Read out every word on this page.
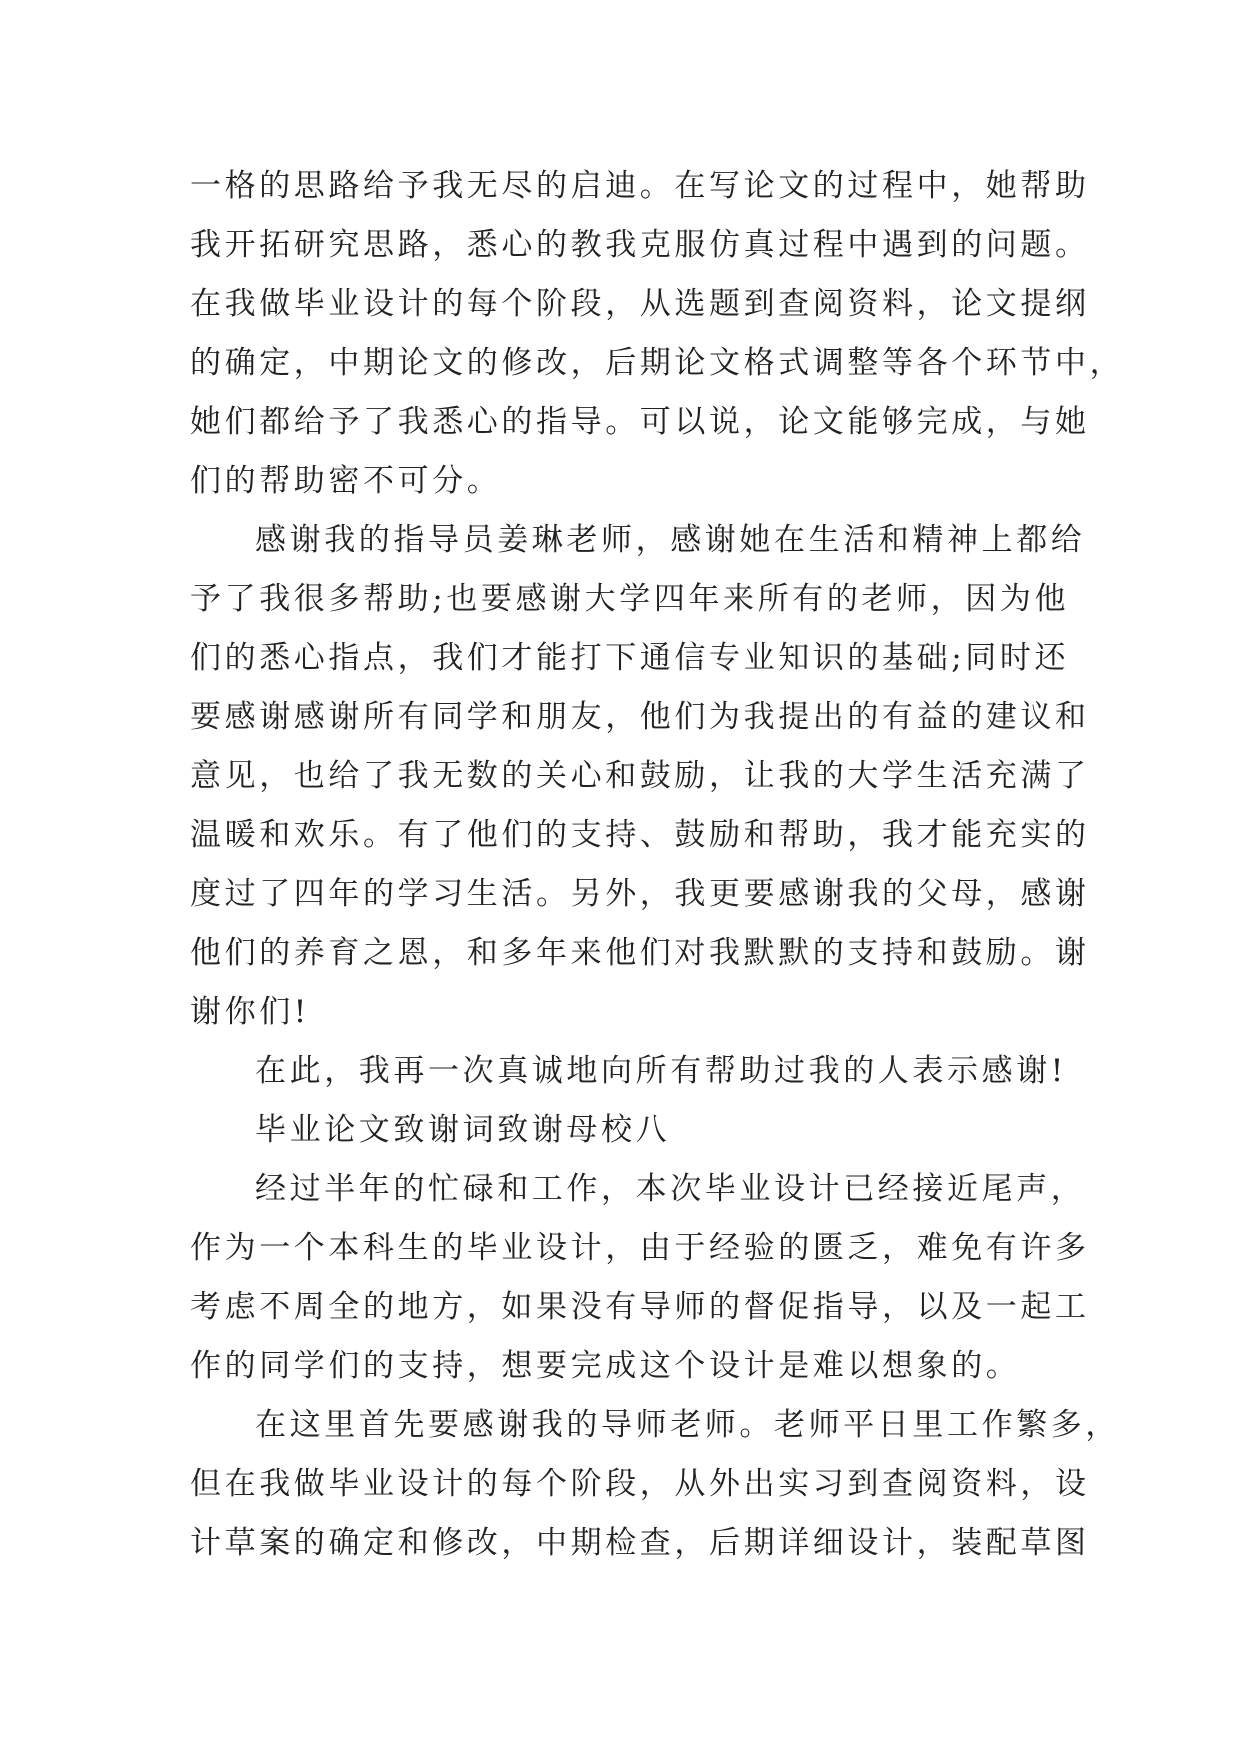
一格的思路给予我无尽的启迪。在写论文的过程中，她帮助
我开拓研究思路，悉心的教我克服仿真过程中遇到的问题。
在我做毕业设计的每个阶段，从选题到查阅资料，论文提纲
的确定，中期论文的修改，后期论文格式调整等各个环节中，
她们都给予了我悉心的指导。可以说，论文能够完成，与她
们的帮助密不可分。
感谢我的指导员姜琳老师，感谢她在生活和精神上都给
予了我很多帮助;也要感谢大学四年来所有的老师，因为他
们的悉心指点，我们才能打下通信专业知识的基础;同时还
要感谢感谢所有同学和朋友，他们为我提出的有益的建议和
意见，也给了我无数的关心和鼓励，让我的大学生活充满了
温暖和欢乐。有了他们的支持、鼓励和帮助，我才能充实的
度过了四年的学习生活。另外，我更要感谢我的父母，感谢
他们的养育之恩，和多年来他们对我默默的支持和鼓励。谢
谢你们!
在此，我再一次真诚地向所有帮助过我的人表示感谢!
毕业论文致谢词致谢母校八
经过半年的忙碌和工作，本次毕业设计已经接近尾声，
作为一个本科生的毕业设计，由于经验的匮乏，难免有许多
考虑不周全的地方，如果没有导师的督促指导，以及一起工
作的同学们的支持，想要完成这个设计是难以想象的。
在这里首先要感谢我的导师老师。老师平日里工作繁多，
但在我做毕业设计的每个阶段，从外出实习到查阅资料，设
计草案的确定和修改，中期检查，后期详细设计，装配草图
